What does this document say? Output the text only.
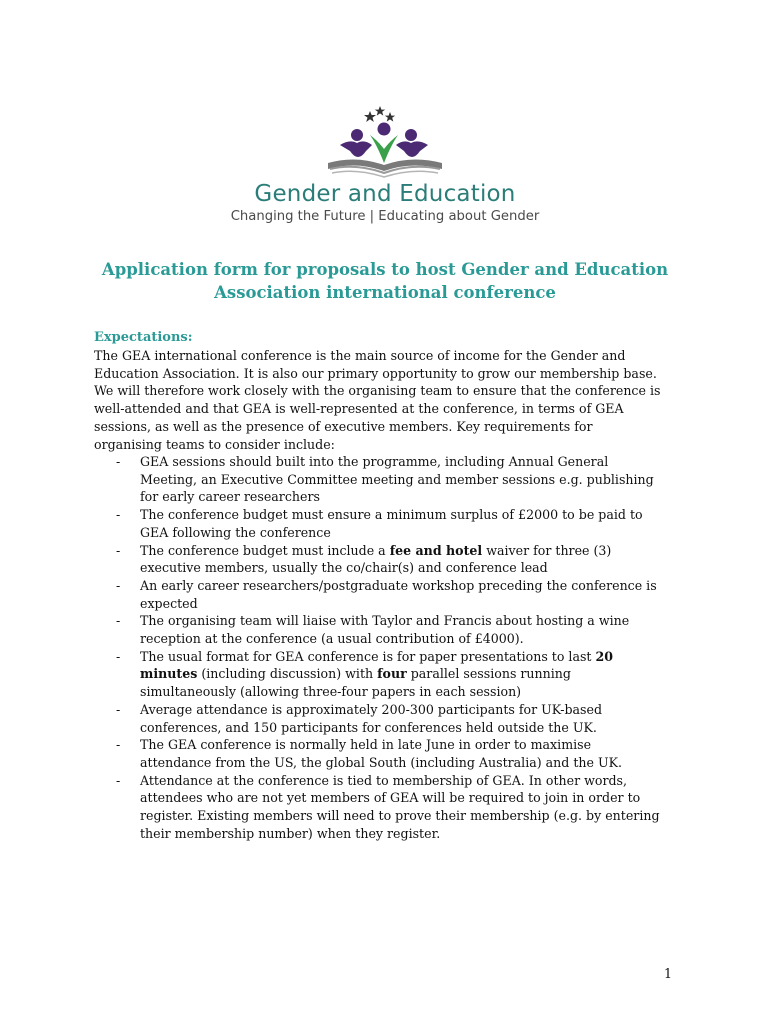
Gender and Education
Changing the Future | Educating about Gender
Application form for proposals to host Gender and Education
Association international conference
Expectations:
The GEA international conference is the main source of income for the Gender and
Education Association. It is also our primary opportunity to grow our membership base.
We will therefore work closely with the organising team to ensure that the conference is
well-attended and that GEA is well-represented at the conference, in terms of GEA
sessions, as well as the presence of executive members. Key requirements for
organising teams to consider include:
- GEA sessions should built into the programme, including Annual General
Meeting, an Executive Committee meeting and member sessions e.g. publishing
for early career researchers
- The conference budget must ensure a minimum surplus of £2000 to be paid to
GEA following the conference
- The conference budget must include a fee and hotel waiver for three (3)
executive members, usually the co/chair(s) and conference lead
- An early career researchers/postgraduate workshop preceding the conference is
expected
- The organising team will liaise with Taylor and Francis about hosting a wine
reception at the conference (a usual contribution of £4000).
- The usual format for GEA conference is for paper presentations to last 20
minutes (including discussion) with four parallel sessions running
simultaneously (allowing three-four papers in each session)
- Average attendance is approximately 200-300 participants for UK-based
conferences, and 150 participants for conferences held outside the UK.
- The GEA conference is normally held in late June in order to maximise
attendance from the US, the global South (including Australia) and the UK.
- Attendance at the conference is tied to membership of GEA. In other words,
attendees who are not yet members of GEA will be required to join in order to
register. Existing members will need to prove their membership (e.g. by entering
their membership number) when they register.
1
